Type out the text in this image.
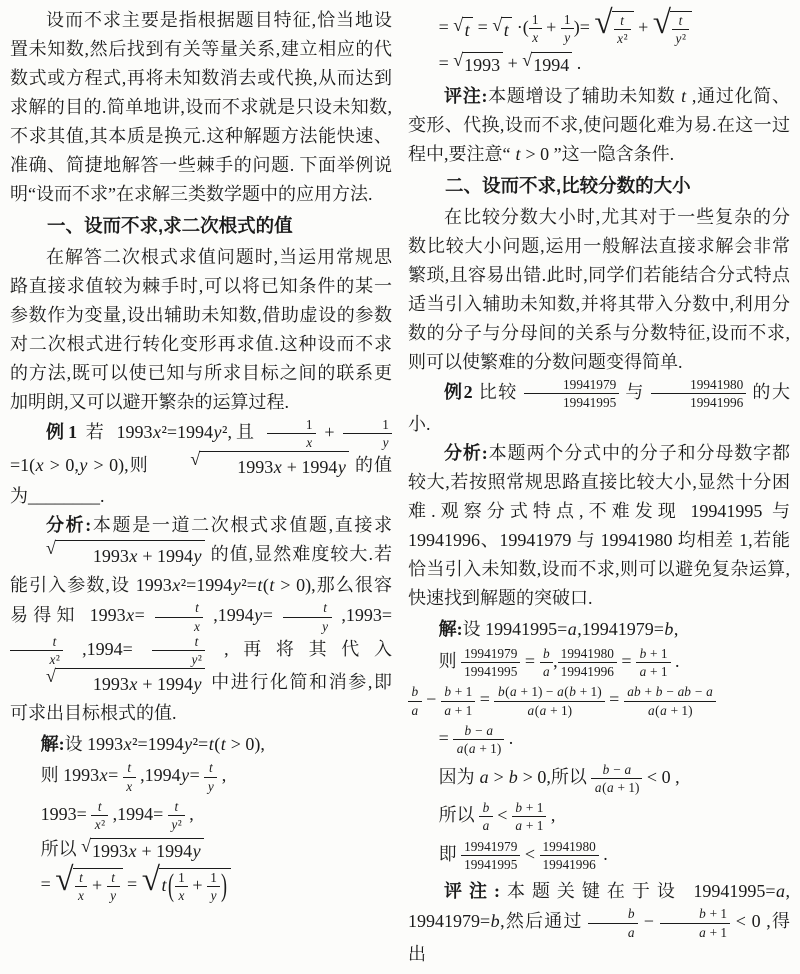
设而不求主要是指根据题目特征,恰当地设置未知数,然后找到有关等量关系,建立相应的代数式或方程式,再将未知数消去或代换,从而达到求解的目的.简单地讲,设而不求就是只设未知数,不求其值,其本质是换元.这种解题方法能快速、准确、简捷地解答一些棘手的问题. 下面举例说明“设而不求”在求解三类数学题中的应用方法.

一、设而不求,求二次根式的值

在解答二次根式求值问题时,当运用常规思路直接求值较为棘手时,可以将已知条件的某一参数作为变量,设出辅助未知数,借助虚设的参数对二次根式进行转化变形再求值.这种设而不求的方法,既可以使已知与所求目标之间的联系更加明朗,又可以避开繁杂的运算过程.

例1 若 1993x²=1994y²,且 $\frac{1}{x} + \frac{1}{y}$
=1(x > 0,y > 0),则	√	1993x + 1994y 的值为________.

分析:本题是一道二次根式求值题,直接求
√	1993x + 1994y 的值,显然难度较大.若能引入参数,设 1993x²=1994y²=t(t > 0),那么很容易得知 $1993x= \frac{t}{x} ,1994y= \frac{t}{y} ,1993=$
$\frac{t}{\text{x²}} ,1994= \frac{t}{\text{y²}}$ ,再将其代入
√	1993x + 1994y 中进行化简和消参,即可求出目标根式的值.

解:设 1993x²=1994y²=t(t > 0),
则 $1993x= \frac{t}{x} ,1994y= \frac{t}{y}$ ,
$1993= \frac{t}{\text{x²}} ,1994= \frac{t}{\text{y²}}$ ,
所以 √ 1993x + 1994y
= √ $\frac{t}{x} + \frac{t}{y}$ = √ $t( \frac{1}{x} + \frac{1}{y}$ )
= √ t = √ t ·( $\frac{1}{x} + \frac{1}{y}$ )= √ $\frac{t}{\text{x²}}$ + √ $\frac{t}{\text{y²}}$
= √ 1993 + √ 1994 .

评注:本题增设了辅助未知数 t ,通过化简、变形、代换,设而不求,使问题化难为易.在这一过程中,要注意“ t > 0 ”这一隐含条件.

二、设而不求,比较分数的大小

在比较分数大小时,尤其对于一些复杂的分数比较大小问题,运用一般解法直接求解会非常繁琐,且容易出错.此时,同学们若能结合分式特点适当引入辅助未知数,并将其带入分数中,利用分数的分子与分母间的关系与分数特征,设而不求,则可以使繁难的分数问题变得简单.

例2 比较 $\frac{19941979}{19941995}$ 与 $\frac{19941980}{19941996}$ 的大小.

分析:本题两个分式中的分子和分母数字都较大,若按照常规思路直接比较大小,显然十分困难.观察分式特点,不难发现 19941995 与 19941996、19941979 与 19941980 均相差 1,若能恰当引入未知数,设而不求,则可以避免复杂运算,快速找到解题的突破口.

解:设 19941995=a,19941979=b,
则 $\frac{19941979}{19941995} = \frac{b}{a}$ , $\frac{19941980}{19941996} = \frac{b + 1}{a + 1}$ .
$\frac{b}{a} - \frac{b + 1}{a + 1} = \frac{b(a + 1) - a(b + 1)}{a(a + 1)} = \frac{ab + b - ab - a}{a(a + 1)}$
= $\frac{b - a}{a(a + 1)}$ .
因为 a > b > 0,所以 $\frac{b - a}{a(a + 1)} < 0$ ,
所以 $\frac{b}{a} < \frac{b + 1}{a + 1}$ ,
即 $\frac{19941979}{19941995} < \frac{19941980}{19941996}$ .

评注:本题关键在于设 19941995=a, 19941979=b,然后通过 $\frac{b}{a} - \frac{b + 1}{a + 1} < 0$ ,得出
